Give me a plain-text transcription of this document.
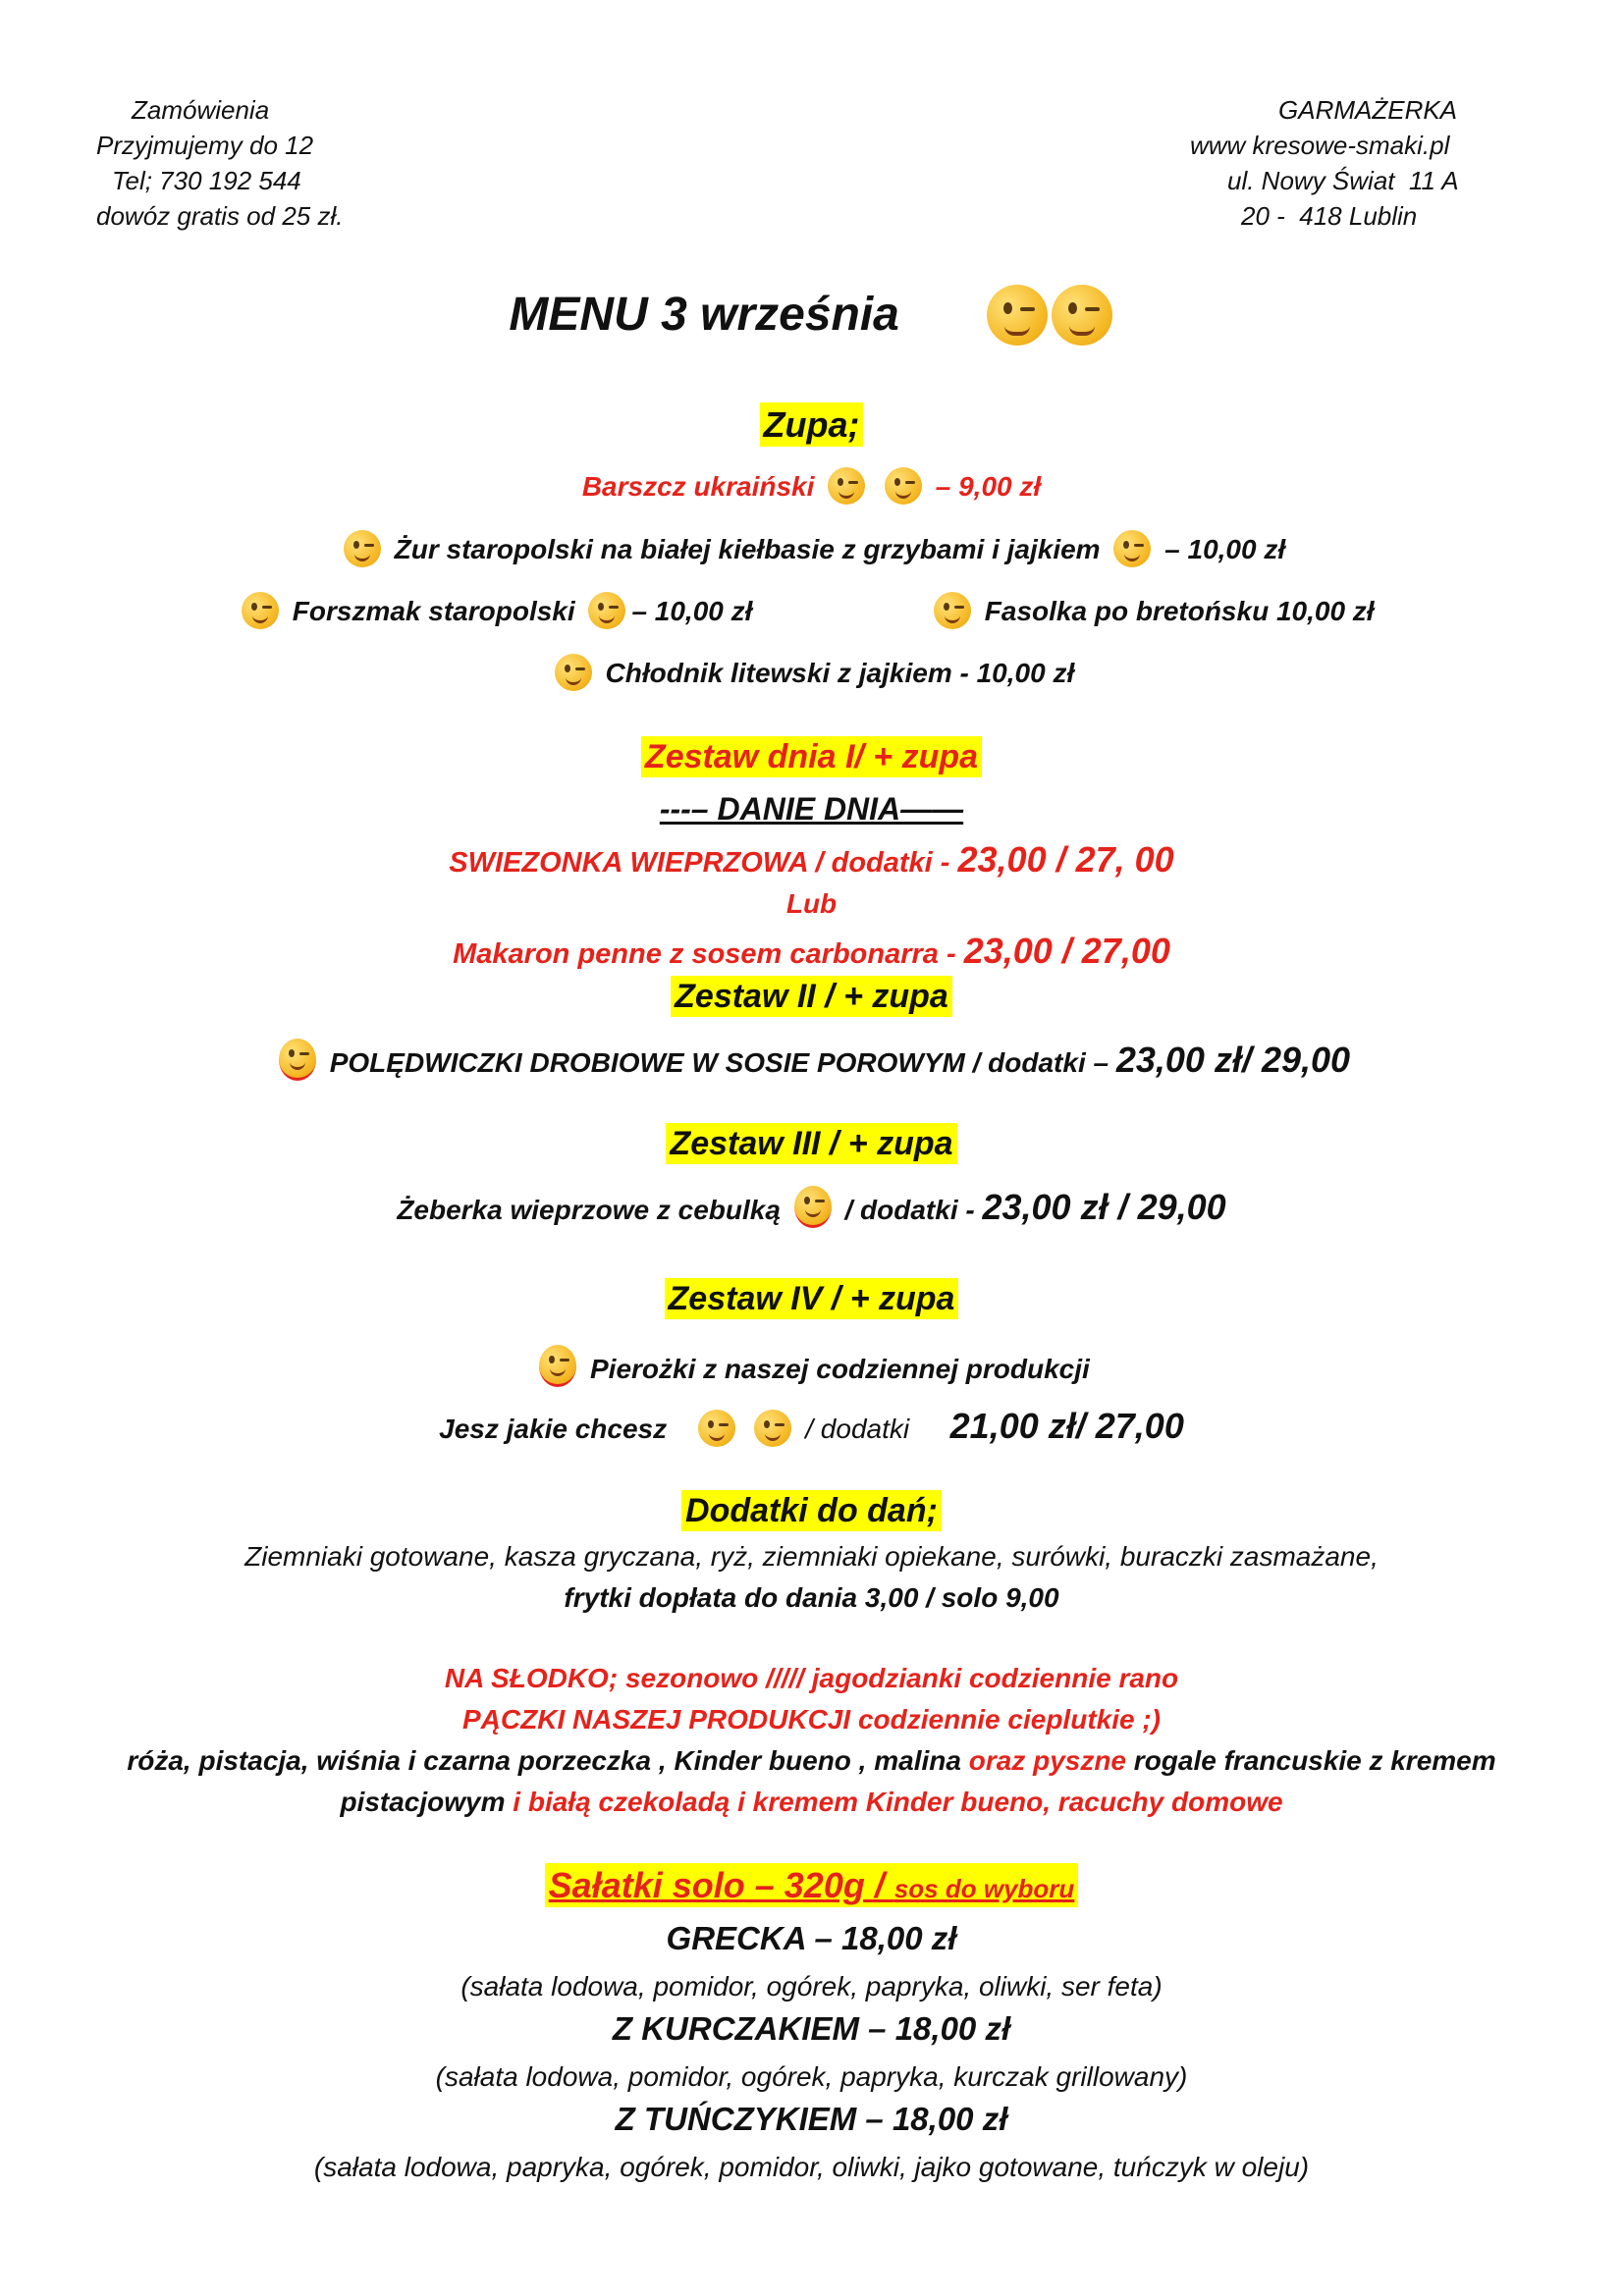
Zamówienia
Przyjmujemy do 12
Tel; 730 192 544
dowóz gratis od 25 zł.
GARMAŻERKA
www kresowe-smaki.pl
ul. Nowy Świat  11 A
20 -  418 Lublin
MENU 3 września
Zupa;
Barszcz ukraiński
	– 9,00 zł
Żur staropolski na białej kiełbasie z grzybami i jajkiem – 10,00 zł
Forszmak staropolski – 10,00 zł	Fasolka po bretońsku 10,00 zł
Chłodnik litewski z jajkiem - 10,00 zł
Zestaw dnia I/ + zupa
---– DANIE DNIA——
SWIEZONKA WIEPRZOWA / dodatki - 23,00 / 27, 00
Lub
Makaron penne z sosem carbonarra - 23,00 / 27,00
Zestaw II / + zupa
POLĘDWICZKI DROBIOWE W SOSIE POROWYM / dodatki – 23,00 zł/ 29,00
Zestaw III / + zupa
Żeberka wieprzowe z cebulką / dodatki - 23,00 zł / 29,00
Zestaw IV / + zupa
Pierożki z naszej codziennej produkcji
Jesz jakie chcesz
	/ dodatki 21,00 zł/ 27,00
Dodatki do dań;
Ziemniaki gotowane, kasza gryczana, ryż, ziemniaki opiekane, surówki, buraczki zasmażane,
frytki dopłata do dania 3,00 / solo 9,00
NA SŁODKO; sezonowo ///// jagodzianki codziennie rano
PĄCZKI NASZEJ PRODUKCJI codziennie cieplutkie ;)
róża, pistacja, wiśnia i czarna porzeczka , Kinder bueno , malina oraz pyszne rogale francuskie z kremem
pistacjowym i białą czekoladą i kremem Kinder bueno, racuchy domowe
Sałatki solo – 320g / sos do wyboru
GRECKA – 18,00 zł
(sałata lodowa, pomidor, ogórek, papryka, oliwki, ser feta)
Z KURCZAKIEM – 18,00 zł
(sałata lodowa, pomidor, ogórek, papryka, kurczak grillowany)
Z TUŃCZYKIEM – 18,00 zł
(sałata lodowa, papryka, ogórek, pomidor, oliwki, jajko gotowane, tuńczyk w oleju)
